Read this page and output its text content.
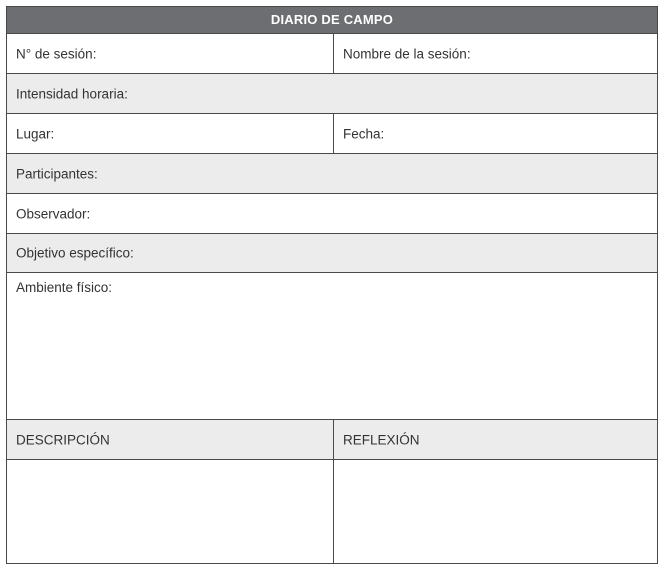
DIARIO DE CAMPO
N° de sesión:	Nombre de la sesión:
Intensidad horaria:
Lugar:	Fecha:
Participantes:
Observador:
Objetivo específico:
Ambiente físico:
DESCRIPCIÓN	REFLEXIÓN
